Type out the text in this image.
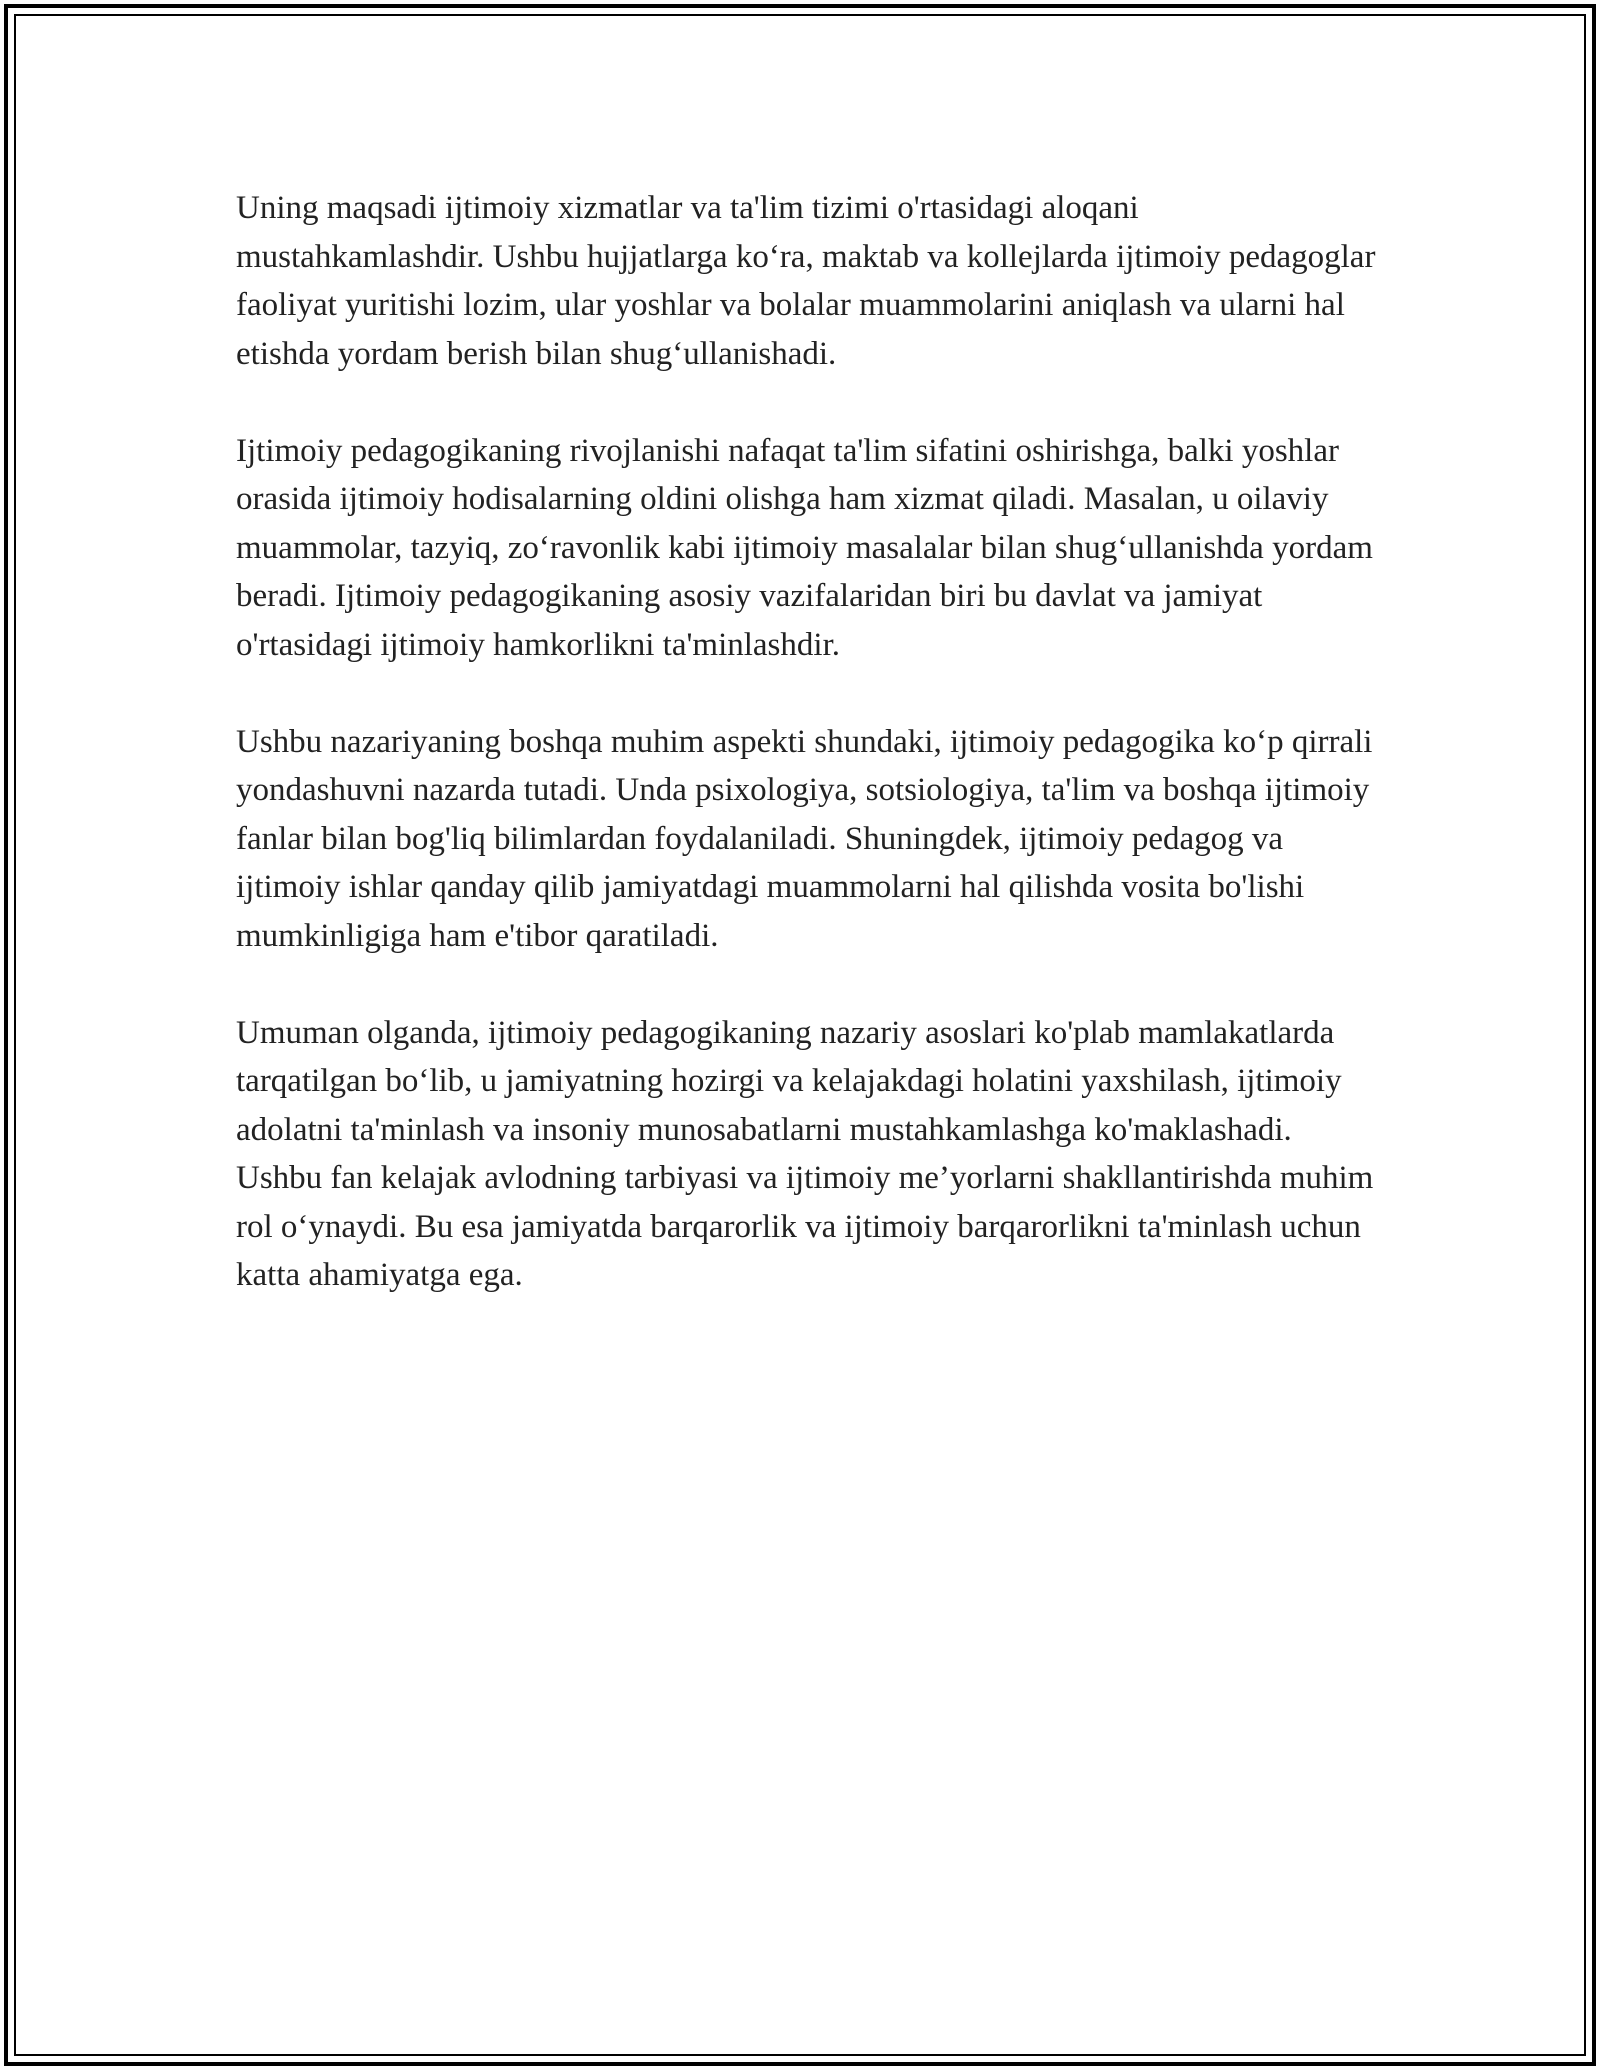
Uning maqsadi ijtimoiy xizmatlar va ta'lim tizimi o'rtasidagi aloqani mustahkamlashdir. Ushbu hujjatlarga ko‘ra, maktab va kollejlarda ijtimoiy pedagoglar faoliyat yuritishi lozim, ular yoshlar va bolalar muammolarini aniqlash va ularni hal etishda yordam berish bilan shug‘ullanishadi.

Ijtimoiy pedagogikaning rivojlanishi nafaqat ta'lim sifatini oshirishga, balki yoshlar orasida ijtimoiy hodisalarning oldini olishga ham xizmat qiladi. Masalan, u oilaviy muammolar, tazyiq, zo‘ravonlik kabi ijtimoiy masalalar bilan shug‘ullanishda yordam beradi. Ijtimoiy pedagogikaning asosiy vazifalaridan biri bu davlat va jamiyat o'rtasidagi ijtimoiy hamkorlikni ta'minlashdir.

Ushbu nazariyaning boshqa muhim aspekti shundaki, ijtimoiy pedagogika ko‘p qirrali yondashuvni nazarda tutadi. Unda psixologiya, sotsiologiya, ta'lim va boshqa ijtimoiy fanlar bilan bog'liq bilimlardan foydalaniladi. Shuningdek, ijtimoiy pedagog va ijtimoiy ishlar qanday qilib jamiyatdagi muammolarni hal qilishda vosita bo'lishi mumkinligiga ham e'tibor qaratiladi.

Umuman olganda, ijtimoiy pedagogikaning nazariy asoslari ko'plab mamlakatlarda tarqatilgan bo‘lib, u jamiyatning hozirgi va kelajakdagi holatini yaxshilash, ijtimoiy adolatni ta'minlash va insoniy munosabatlarni mustahkamlashga ko'maklashadi. Ushbu fan kelajak avlodning tarbiyasi va ijtimoiy me’yorlarni shakllantirishda muhim rol o‘ynaydi. Bu esa jamiyatda barqarorlik va ijtimoiy barqarorlikni ta'minlash uchun katta ahamiyatga ega.
